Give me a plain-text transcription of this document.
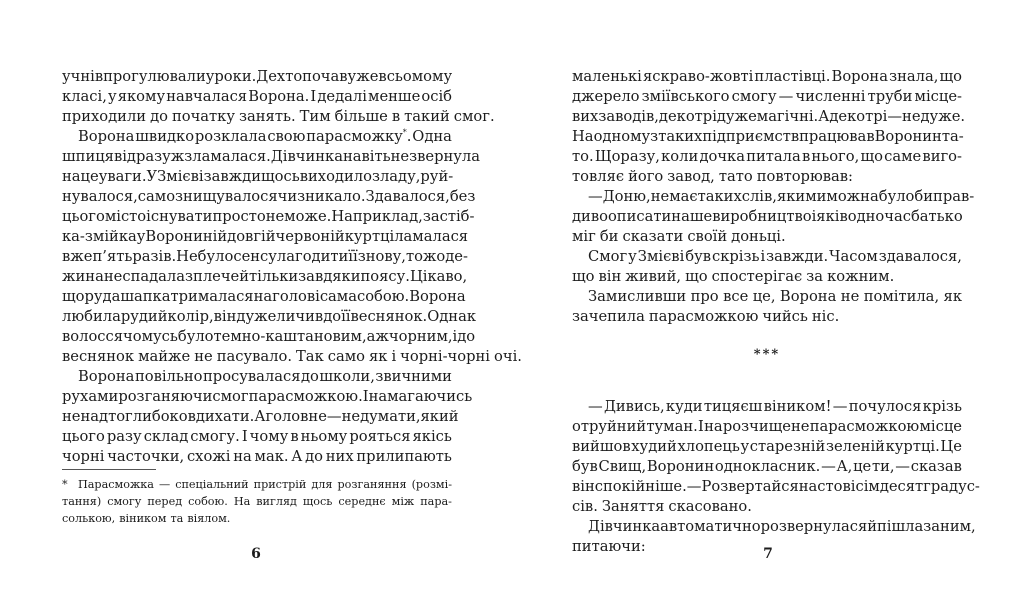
учнів прогулювали уроки. Дехто почав уже в сьомому
класі, у якому навчалася Ворона. І дедалі менше осіб
приходили до початку занять. Тим більше в такий смог.
Ворона швидко розклала свою парасмoжку*. Одна
шпиця відразу ж зламалася. Дівчинка навіть не звернула
на це уваги. У Змієві завжди щось виходило з ладу, руй-
нувалося, самознищувалося чи зникало. Здавалося, без
цього місто існувати просто не може. Наприклад, застіб-
ка-змійка у Ворониній довгій червоній куртці ламалася
вже п’ять разів. Не було сенсу лагодити її знову, тож оде-
жина не спадала з плечей тільки завдяки поясу. Цікаво,
що руда шапка трималася на голові сама собою. Ворона
любила рудий колір, він дуже личив до її веснянок. Однак
волосся чомусь було темно-каштановим, аж чорним, і до
веснянок майже не пасувало. Так само як і чорні-чорні очі.
Ворона повільно просувалася до школи, звичними
рухами розганяючи смог парасможкою. І намагаючись
не надто глибоко вдихати. А головне — не думати, який
цього разу склад смогу. І чому в ньому рояться якісь
чорні часточки, схожі на мак. А до них прилипають
* Парасможка — спеціальний пристрій для розганяння (розмі-
тання) смогу перед собою. На вигляд щось середнє між пара-
солькою, віником та віялом.
6
маленькі яскраво-жовті пластівці. Ворона знала, що
джерело зміївського смогу — численні труби місце-
вих заводів, декотрі дуже магічні. А декотрі — не дуже.
На одному з таких підприємств працював Воронин та-
то. Щоразу, коли дочка питала в нього, що саме виго-
товляє його завод, тато повторював:
— Доню, немає таких слів, якими можна було би прав-
диво описати наше виробництво і які водночас батько
міг би сказати своїй доньці.
Смог у Змієві був скрізь і завжди. Часом здавалося,
що він живий, що спостерігає за кожним.
Замисливши про все це, Ворона не помітила, як
зачепила парасможкою чийсь ніс.
***
— Дивись, куди тицяєш віником! — почулося крізь
отруйний туман. І на розчищене парасможкою місце
вийшов худий хлопець у старезній зеленій куртці. Це
був Свищ, Воронин однокласник. — А, це ти, — сказав
він спокійніше. — Розвертайся на сто вісімдесят градус-
сів. Заняття скасовано.
Дівчинка автоматично розвернулася й пішла за ним,
питаючи:	7
